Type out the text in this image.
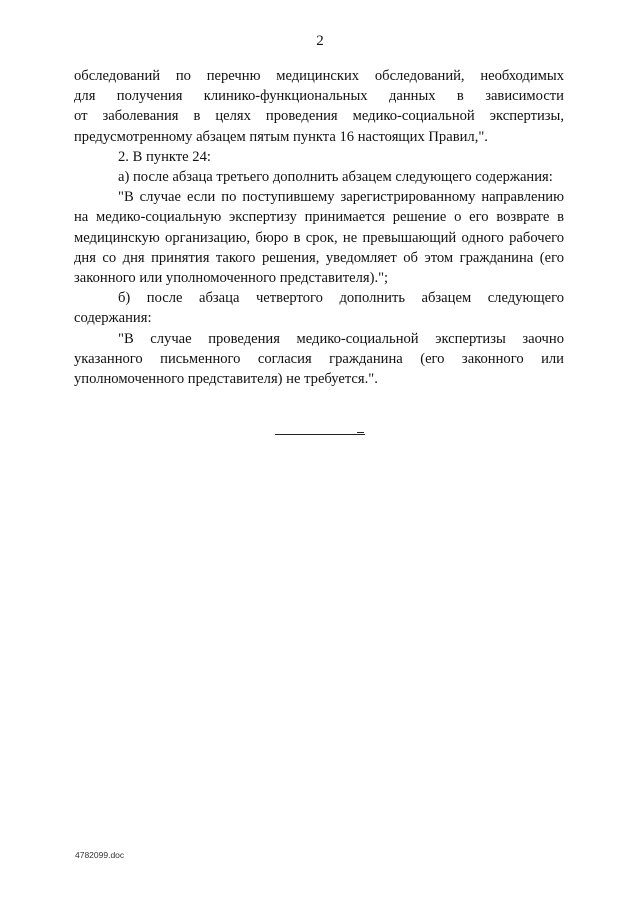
2

обследований по перечню медицинских обследований, необходимых

для получения клинико-функциональных данных в зависимости

от заболевания в целях проведения медико-социальной экспертизы,

предусмотренному абзацем пятым пункта 16 настоящих Правил,".

2. В пункте 24:

а) после абзаца третьего дополнить абзацем следующего содержания:

"В случае если по поступившему зарегистрированному направлению на медико-социальную экспертизу принимается решение о его возврате в медицинскую организацию, бюро в срок, не превышающий одного рабочего дня со дня принятия такого решения, уведомляет об этом гражданина (его законного или уполномоченного представителя).";

б) после абзаца четвертого дополнить абзацем следующего содержания:

"В случае проведения медико-социальной экспертизы заочно указанного письменного согласия гражданина (его законного или уполномоченного представителя) не требуется.".

4782099.doc
